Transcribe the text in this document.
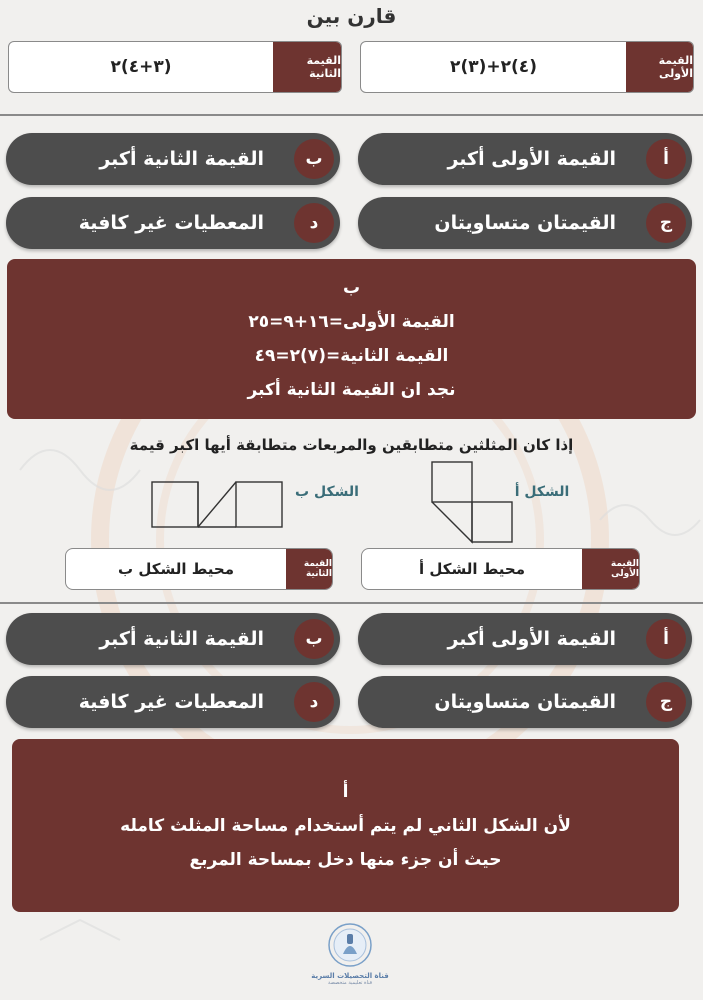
قارن بين
القيمة الأولى
(٤)٢+(٣)٢
القيمة الثانية
(٣+٤)٢
أ
القيمة الأولى أكبر
ب
القيمة الثانية أكبر
ج
القيمتان متساويتان
د
المعطيات غير كافية
ب
القيمة الأولى=١٦+٩=٢٥
القيمة الثانية=(٧)٢=٤٩
نجد ان القيمة الثانية أكبر
إذا كان المثلثين متطابقين والمربعات متطابقة أيها اكبر قيمة
الشكل أ
الشكل ب
القيمة الأولى
محيط الشكل أ
القيمة الثانية
محيط الشكل ب
أ
القيمة الأولى أكبر
ب
القيمة الثانية أكبر
ج
القيمتان متساويتان
د
المعطيات غير كافية
أ
لأن الشكل الثاني لم يتم أستخدام مساحة المثلث كامله
حيث أن جزء منها دخل بمساحة المربع
قناة التحصيلات السرية
قناة تعليمية متخصصة
